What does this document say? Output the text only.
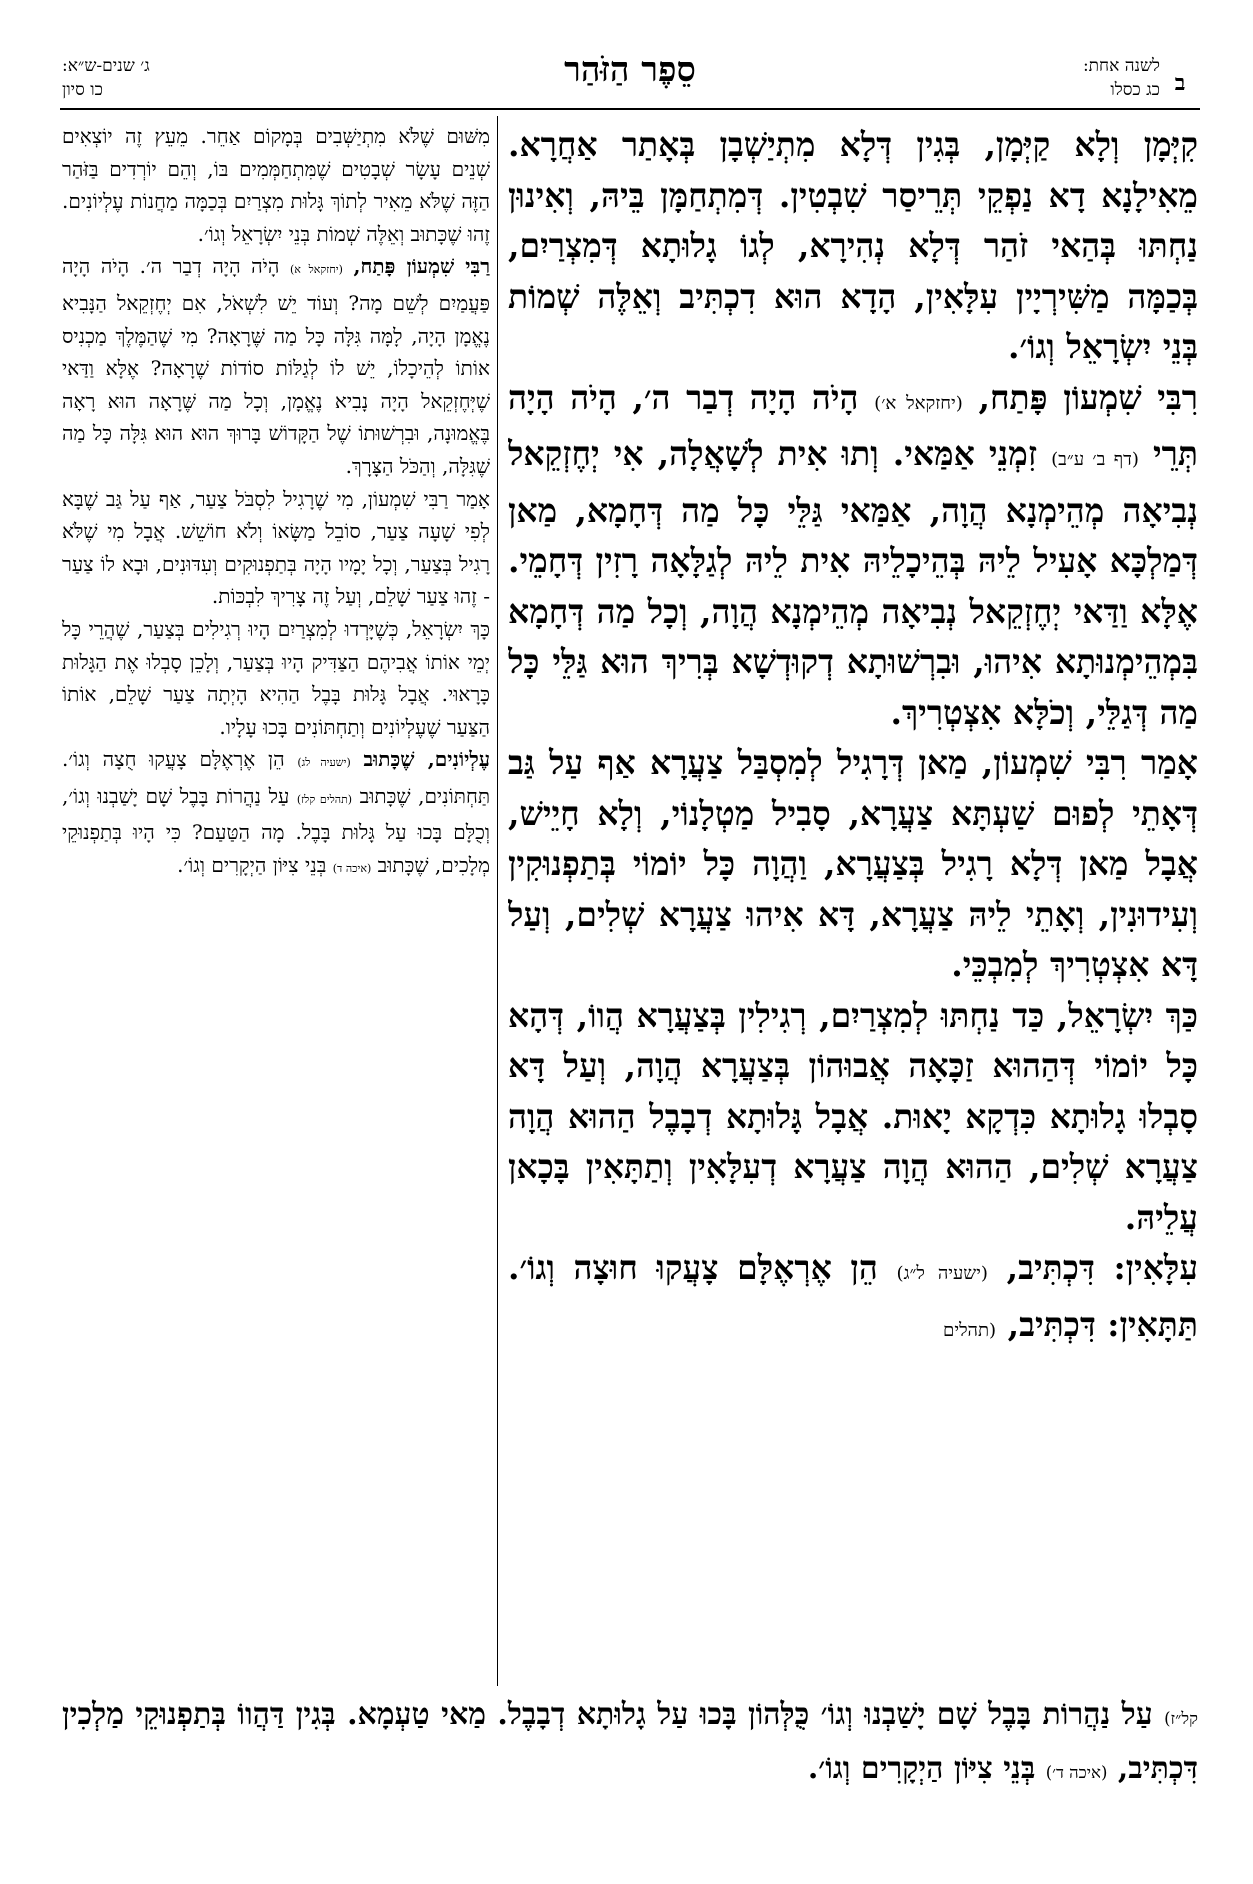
ב
לשנה אחת:
כג כסלו
סֵפֶר הַזֹּהַר
ג׳ שנים-ש״א:
כו סיון

קִיְּמָן וְלָא קַיְּמָן, בְּגִין דְּלָא מִתְיַשְׁבָן בְּאָתַר אַחֲרָא. מֵאִילָנָא דָא נַפְקֵי תְּרֵיסַר שִׁבְטִין. דְּמִתְחַמָּן בֵּיהּ, וְאִינוּן נַחְתּוּ בְּהַאי זֹהַר דְּלָא נְהִירָא, לְגוֹ גָלוּתָא דְּמִצְרַיִם, בְּכַמָּה מַשִּׁירְיָין עִלָּאִין, הָדָא הוּא דִכְתִּיב וְאֵלֶּה שְׁמוֹת בְּנֵי יִשְׂרָאֵל וְגוֹ׳.

רִבִּי שִׁמְעוֹן פָּתַח, (יחזקאל א׳) הָיֹה הָיָה דְבַר ה׳, הָיֹה הָיָה תְּרֵי (דף ב׳ ע״ב) זִמְנֵי אַמַּאי. וְתוּ אִית לְשָׁאֲלָה, אִי יְחֶזְקֵאל נְבִיאָה מְהֵימְנָא הֲוָה, אַמַּאי גַּלֵּי כָּל מַה דְּחָמָא, מַאן דְּמַלְכָּא אָעִיל לֵיהּ בְּהֵיכָלֵיהּ אִית לֵיהּ לְגַלָּאָה רָזִין דְּחָמֵי. אֶלָּא וַדַּאי יְחֶזְקֵאל נְבִיאָה מְהֵימְנָא הֲוָה, וְכָל מַה דְּחָמָא בִּמְהֵימְנוּתָא אִיהוּ, וּבִרְשׁוּתָא דְקוּדְשָׁא בְּרִיךְ הוּא גַּלֵּי כָּל מַה דְּגַלֵּי, וְכֹלָּא אִצְטְרִיךְ.

אָמַר רִבִּי שִׁמְעוֹן, מַאן דְּרָגִיל לְמִסְבַּל צַעֲרָא אַף עַל גַּב דְּאָתֵי לְפוּם שַׁעְתָּא צַעֲרָא, סָבִיל מַטְלָנוֹי, וְלָא חָיֵישׁ, אֲבָל מַאן דְּלָא רָגִיל בְּצַעֲרָא, וַהֲוָה כָּל יוֹמוֹי בְּתַפְנוּקִין וְעִידוּנִין, וְאָתֵי לֵיהּ צַעֲרָא, דָּא אִיהוּ צַעֲרָא שְׁלִים, וְעַל דָּא אִצְטְרִיךְ לְמִבְכֵּי.

כַּךְ יִשְׂרָאֵל, כַּד נַחְתּוּ לְמִצְרַיִם, רְגִילִין בְּצַעֲרָא הֲווֹ, דְּהָא כָּל יוֹמוֹי דְּהַהוּא זַכָּאָה אֲבוּהוֹן בְּצַעֲרָא הֲוָה, וְעַל דָּא סָבְלוּ גָלוּתָא כִּדְקָא יָאוּת. אֲבָל גָּלוּתָא דְבָבֶל הַהוּא הֲוָה צַעֲרָא שְׁלִים, הַהוּא הֲוָה צַעֲרָא דְעִלָּאִין וְתַתָּאִין בָּכָאן עֲלֵיהּ.

עִלָּאִין: דִּכְתִּיב, (ישעיה ל״ג) הֵן אֶרְאֶלָּם צָעֲקוּ חוּצָה וְגוֹ׳. תַּתָּאִין: דִּכְתִּיב, (תהלים

מִשּׁוּם שֶׁלֹּא מִתְיַשְּׁבִים בְּמָקוֹם אַחֵר. מֵעֵץ זֶה יוֹצְאִים שְׁנֵים עָשָׂר שְׁבָטִים שֶׁמִּתְחַמְּמִים בּוֹ, וְהֵם יוֹרְדִים בַּזֹּהַר הַזֶּה שֶׁלֹּא מֵאִיר לְתוֹךְ גָּלוּת מִצְרַיִם בְּכַמָּה מַחֲנוֹת עֶלְיוֹנִים. זֶהוּ שֶׁכָּתוּב וְאֵלֶּה שְׁמוֹת בְּנֵי יִשְׂרָאֵל וְגוֹ׳.

רַבִּי שִׁמְעוֹן פָּתַח, (יחזקאל א) הָיֹה הָיָה דְבַר ה׳. הָיֹה הָיָה פַּעֲמַיִם לְשֵׁם מָה? וְעוֹד יֵשׁ לִשְׁאֹל, אִם יְחֶזְקֵאל הַנָּבִיא נֶאֱמָן הָיָה, לָמָּה גִּלָּה כָּל מַה שֶּׁרָאָה? מִי שֶׁהַמֶּלֶךְ מַכְנִיס אוֹתוֹ לְהֵיכָלוֹ, יֵשׁ לוֹ לְגַלּוֹת סוֹדוֹת שֶׁרָאָה? אֶלָּא וַדַּאי שֶׁיְּחֶזְקֵאל הָיָה נָבִיא נֶאֱמָן, וְכָל מַה שֶּׁרָאָה הוּא רָאָה בֶּאֱמוּנָה, וּבִרְשׁוּתוֹ שֶׁל הַקָּדוֹשׁ בָּרוּךְ הוּא הוּא גִּלָּה כָּל מַה שֶׁגִּלָּה, וְהַכֹּל הַצָּרָךְ.

אָמַר רַבִּי שִׁמְעוֹן, מִי שֶׁרָגִיל לִסְבֹּל צַעַר, אַף עַל גַּב שֶׁבָּא לְפִי שָׁעָה צַעַר, סוֹבֵל מַשָּׂאוֹ וְלֹא חוֹשֵׁשׁ. אֲבָל מִי שֶׁלֹּא רָגִיל בְּצַעַר, וְכָל יָמָיו הָיָה בְּתַפְנוּקִים וְעִדּוּנִים, וּבָא לוֹ צַעַר - זֶהוּ צַעַר שָׁלֵם, וְעַל זֶה צָרִיךְ לִבְכּוֹת.

כָּךְ יִשְׂרָאֵל, כְּשֶׁיָּרְדוּ לְמִצְרַיִם הָיוּ רְגִילִים בְּצַעַר, שֶׁהֲרֵי כָּל יְמֵי אוֹתוֹ אֲבִיהֶם הַצַּדִּיק הָיוּ בְּצַעַר, וְלָכֵן סָבְלוּ אֶת הַגָּלוּת כָּרָאוּי. אֲבָל גָּלוּת בָּבֶל הַהִיא הָיְתָה צַעַר שָׁלֵם, אוֹתוֹ הַצַּעַר שֶׁעֶלְיוֹנִים וְתַחְתּוֹנִים בָּכוּ עָלָיו.

עֶלְיוֹנִים, שֶׁכָּתוּב (ישעיה לג) הֵן אֶרְאֶלָּם צָעֲקוּ חֻצָה וְגוֹ׳. תַּחְתּוֹנִים, שֶׁכָּתוּב (תהלים קלז) עַל נַהֲרוֹת בָּבֶל שָׁם יָשַׁבְנוּ וְגוֹ׳, וְכֻלָּם בָּכוּ עַל גָּלוּת בָּבֶל. מָה הַטַּעַם? כִּי הָיוּ בְּתַפְנוּקֵי מְלָכִים, שֶׁכָּתוּב (איכה ד) בְּנֵי צִיּוֹן הַיְקָרִים וְגוֹ׳.

קל״ז) עַל נַהֲרוֹת בָּבֶל שָׁם יָשַׁבְנוּ וְגוֹ׳ כֻּלְּהוֹן בָּכוּ עַל גָלוּתָא דְבָבֶל. מַאי טַעְמָא. בְּגִין דַּהֲווֹ בְּתַפְנוּקֵי מַלְכִין דִּכְתִּיב, (איכה ד׳) בְּנֵי צִיּוֹן הַיְקָרִים וְגוֹ׳.
